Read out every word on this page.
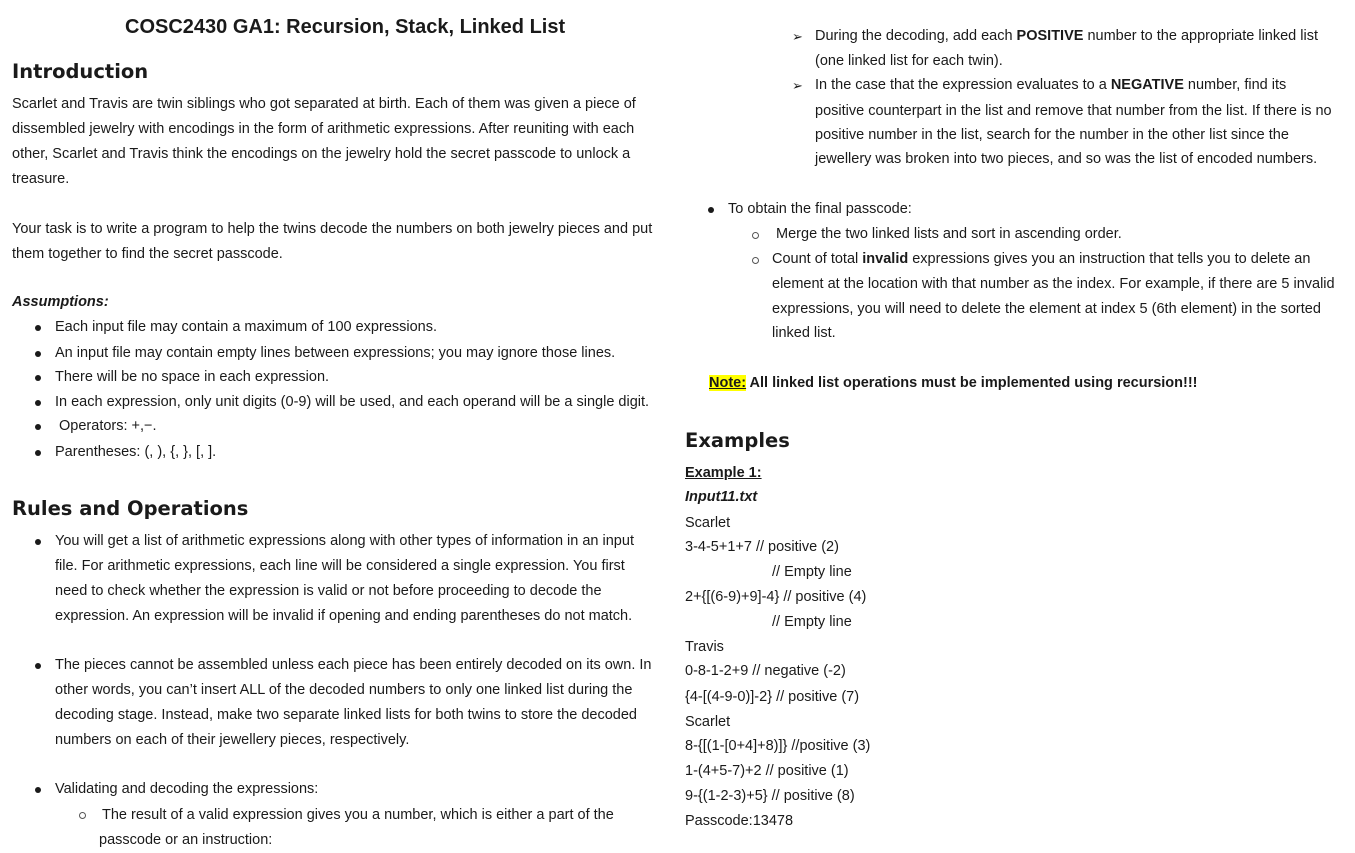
COSC2430 GA1: Recursion, Stack, Linked List
Introduction

Scarlet and Travis are twin siblings who got separated at birth. Each of them was given a piece of dissembled jewelry with encodings in the form of arithmetic expressions. After reuniting with each other, Scarlet and Travis think the encodings on the jewelry hold the secret passcode to unlock a treasure.

Your task is to write a program to help the twins decode the numbers on both jewelry pieces and put them together to find the secret passcode.

Assumptions:
Each input file may contain a maximum of 100 expressions.
An input file may contain empty lines between expressions; you may ignore those lines.
There will be no space in each expression.
In each expression, only unit digits (0-9) will be used, and each operand will be a single digit.
Operators: +,−.
Parentheses: (, ), {, }, [, ].
Rules and Operations

You will get a list of arithmetic expressions along with other types of information in an input file. For arithmetic expressions, each line will be considered a single expression. You first need to check whether the expression is valid or not before proceeding to decode the expression. An expression will be invalid if opening and ending parentheses do not match.

The pieces cannot be assembled unless each piece has been entirely decoded on its own. In other words, you can’t insert ALL of the decoded numbers to only one linked list during the decoding stage. Instead, make two separate linked lists for both twins to store the decoded numbers on each of their jewellery pieces, respectively.

Validating and decoding the expressions:

The result of a valid expression gives you a number, which is either a part of the passcode or an instruction:

➢ During the decoding, add each POSITIVE number to the appropriate linked list
(one linked list for each twin).
➢ In the case that the expression evaluates to a NEGATIVE number, find its
positive counterpart in the list and remove that number from the list. If there is no
positive number in the list, search for the number in the other list since the
jewellery was broken into two pieces, and so was the list of encoded numbers.
To obtain the final passcode:
Merge the two linked lists and sort in ascending order.
Count of total invalid expressions gives you an instruction that tells you to delete an
element at the location with that number as the index. For example, if there are 5 invalid
expressions, you will need to delete the element at index 5 (6th element) in the sorted
linked list.
Note: All linked list operations must be implemented using recursion!!!
Examples
Example 1:
Input11.txt
Scarlet
3-4-5+1+7 // positive (2)
// Empty line
2+{[(6-9)+9]-4} // positive (4)
// Empty line
Travis
0-8-1-2+9 // negative (-2)
{4-[(4-9-0)]-2} // positive (7)
Scarlet
8-{[(1-[0+4]+8)]} //positive (3)
1-(4+5-7)+2 // positive (1)
9-{(1-2-3)+5} // positive (8)
Passcode:13478
